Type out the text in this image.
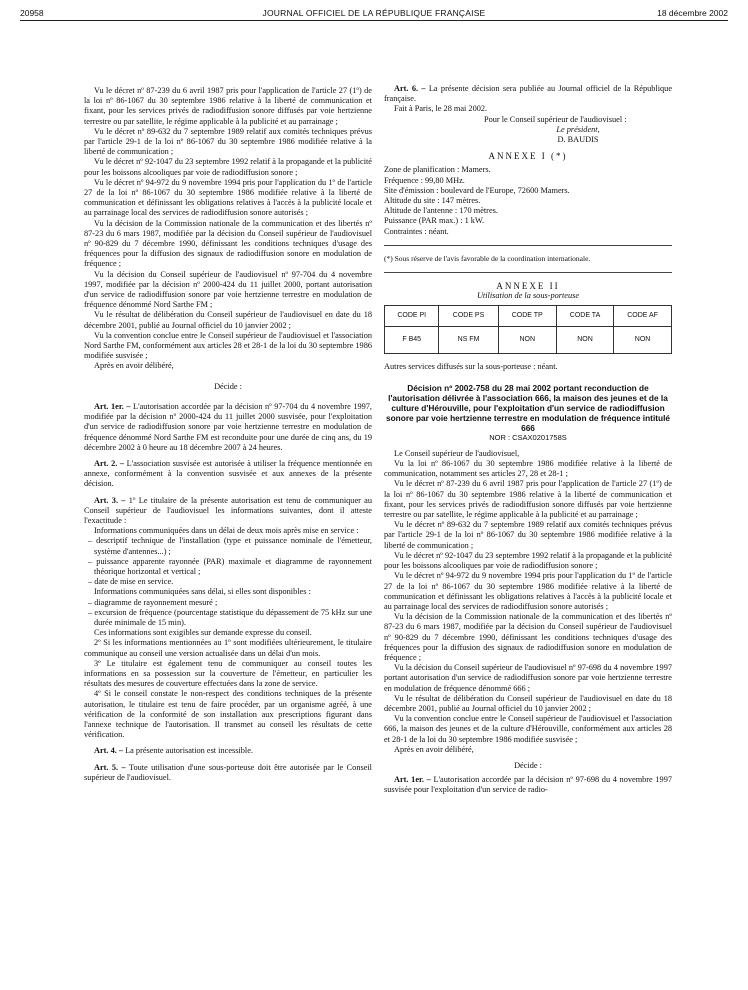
20958	JOURNAL OFFICIEL DE LA RÉPUBLIQUE FRANÇAISE	18 décembre 2002

Vu le décret nº 87-239 du 6 avril 1987 pris pour l'application de l'article 27 (1º) de la loi nº 86-1067 du 30 septembre 1986 relative à la liberté de communication et fixant, pour les services privés de radiodiffusion sonore diffusés par voie hertzienne terrestre ou par satellite, le régime applicable à la publicité et au parrainage ;

Vu le décret nº 89-632 du 7 septembre 1989 relatif aux comités techniques prévus par l'article 29-1 de la loi nº 86-1067 du 30 septembre 1986 modifiée relative à la liberté de communication ;

Vu le décret nº 92-1047 du 23 septembre 1992 relatif à la propagande et la publicité pour les boissons alcooliques par voie de radiodiffusion sonore ;

Vu le décret nº 94-972 du 9 novembre 1994 pris pour l'application du 1º de l'article 27 de la loi nº 86-1067 du 30 septembre 1986 modifiée relative à la liberté de communication et définissant les obligations relatives à l'accès à la publicité locale et au parrainage local des services de radiodiffusion sonore autorisés ;

Vu la décision de la Commission nationale de la communication et des libertés nº 87-23 du 6 mars 1987, modifiée par la décision du Conseil supérieur de l'audiovisuel nº 90-829 du 7 décembre 1990, définissant les conditions techniques d'usage des fréquences pour la diffusion des signaux de radiodiffusion sonore en modulation de fréquence ;

Vu la décision du Conseil supérieur de l'audiovisuel nº 97-704 du 4 novembre 1997, modifiée par la décision nº 2000-424 du 11 juillet 2000, portant autorisation d'un service de radiodiffusion sonore par voie hertzienne terrestre en modulation de fréquence dénommé Nord Sarthe FM ;

Vu le résultat de délibération du Conseil supérieur de l'audiovisuel en date du 18 décembre 2001, publié au Journal officiel du 10 janvier 2002 ;

Vu la convention conclue entre le Conseil supérieur de l'audiovisuel et l'association Nord Sarthe FM, conformément aux articles 28 et 28-1 de la loi du 30 septembre 1986 modifiée susvisée ;

Après en avoir délibéré,

Décide :

Art. 1er. – L'autorisation accordée par la décision nº 97-704 du 4 novembre 1997, modifiée par la décision nº 2000-424 du 11 juillet 2000 susvisée, pour l'exploitation d'un service de radiodiffusion sonore par voie hertzienne terrestre en modulation de fréquence dénommé Nord Sarthe FM est reconduite pour une durée de cinq ans, du 19 décembre 2002 à 0 heure au 18 décembre 2007 à 24 heures.

Art. 2. – L'association susvisée est autorisée à utiliser la fréquence mentionnée en annexe, conformément à la convention susvisée et aux annexes de la présente décision.

Art. 3. – 1º Le titulaire de la présente autorisation est tenu de communiquer au Conseil supérieur de l'audiovisuel les informations suivantes, dont il atteste l'exactitude :

Informations communiquées dans un délai de deux mois après mise en service :

– descriptif technique de l'installation (type et puissance nominale de l'émetteur, système d'antennes...) ;
– puissance apparente rayonnée (PAR) maximale et diagramme de rayonnement théorique horizontal et vertical ;
– date de mise en service.

Informations communiquées sans délai, si elles sont disponibles :

– diagramme de rayonnement mesuré ;
– excursion de fréquence (pourcentage statistique du dépassement de 75 kHz sur une durée minimale de 15 min).

Ces informations sont exigibles sur demande expresse du conseil.

2º Si les informations mentionnées au 1º sont modifiées ultérieurement, le titulaire communique au conseil une version actualisée dans un délai d'un mois.

3º Le titulaire est également tenu de communiquer au conseil toutes les informations en sa possession sur la couverture de l'émetteur, en particulier les résultats des mesures de couverture effectuées dans la zone de service.

4º Si le conseil constate le non-respect des conditions techniques de la présente autorisation, le titulaire est tenu de faire procéder, par un organisme agréé, à une vérification de la conformité de son installation aux prescriptions figurant dans l'annexe technique de l'autorisation. Il transmet au conseil les résultats de cette vérification.

Art. 4. – La présente autorisation est incessible.

Art. 5. – Toute utilisation d'une sous-porteuse doit être autorisée par le Conseil supérieur de l'audiovisuel.

Art. 6. – La présente décision sera publiée au Journal officiel de la République française.

Fait à Paris, le 28 mai 2002.

Pour le Conseil supérieur de l'audiovisuel :

Le président,

D. BAUDIS

ANNEXE I (*)

Zone de planification : Mamers.

Fréquence : 99,80 MHz.

Site d'émission : boulevard de l'Europe, 72600 Mamers.

Altitude du site : 147 mètres.

Altitude de l'antenne : 170 mètres.

Puissance (PAR max.) : 1 kW.

Contraintes : néant.

(*) Sous réserve de l'avis favorable de la coordination internationale.

ANNEXE II

Utilisation de la sous-porteuse

CODE PI	CODE PS	CODE TP	CODE TA	CODE AF
F B45	NS FM	NON	NON	NON

Autres services diffusés sur la sous-porteuse : néant.

Décision nº 2002-758 du 28 mai 2002 portant reconduction de l'autorisation délivrée à l'association 666, la maison des jeunes et de la culture d'Hérouville, pour l'exploitation d'un service de radiodiffusion sonore par voie hertzienne terrestre en modulation de fréquence intitulé 666

NOR : CSAX0201758S

Le Conseil supérieur de l'audiovisuel,

Vu la loi nº 86-1067 du 30 septembre 1986 modifiée relative à la liberté de communication, notamment ses articles 27, 28 et 28-1 ;

Vu le décret nº 87-239 du 6 avril 1987 pris pour l'application de l'article 27 (1º) de la loi nº 86-1067 du 30 septembre 1986 relative à la liberté de communication et fixant, pour les services privés de radiodiffusion sonore diffusés par voie hertzienne terrestre ou par satellite, le régime applicable à la publicité et au parrainage ;

Vu le décret nº 89-632 du 7 septembre 1989 relatif aux comités techniques prévus par l'article 29-1 de la loi nº 86-1067 du 30 septembre 1986 modifiée relative à la liberté de communication ;

Vu le décret nº 92-1047 du 23 septembre 1992 relatif à la propagande et la publicité pour les boissons alcooliques par voie de radiodiffusion sonore ;

Vu le décret nº 94-972 du 9 novembre 1994 pris pour l'application du 1º de l'article 27 de la loi nº 86-1067 du 30 septembre 1986 modifiée relative à la liberté de communication et définissant les obligations relatives à l'accès à la publicité locale et au parrainage local des services de radiodiffusion sonore autorisés ;

Vu la décision de la Commission nationale de la communication et des libertés nº 87-23 du 6 mars 1987, modifiée par la décision du Conseil supérieur de l'audiovisuel nº 90-829 du 7 décembre 1990, définissant les conditions techniques d'usage des fréquences pour la diffusion des signaux de radiodiffusion sonore en modulation de fréquence ;

Vu la décision du Conseil supérieur de l'audiovisuel nº 97-698 du 4 novembre 1997 portant autorisation d'un service de radiodiffusion sonore par voie hertzienne terrestre en modulation de fréquence dénommé 666 ;

Vu le résultat de délibération du Conseil supérieur de l'audiovisuel en date du 18 décembre 2001, publié au Journal officiel du 10 janvier 2002 ;

Vu la convention conclue entre le Conseil supérieur de l'audiovisuel et l'association 666, la maison des jeunes et de la culture d'Hérouville, conformément aux articles 28 et 28-1 de la loi du 30 septembre 1986 modifiée susvisée ;

Après en avoir délibéré,

Décide :

Art. 1er. – L'autorisation accordée par la décision nº 97-698 du 4 novembre 1997 susvisée pour l'exploitation d'un service de radio-
